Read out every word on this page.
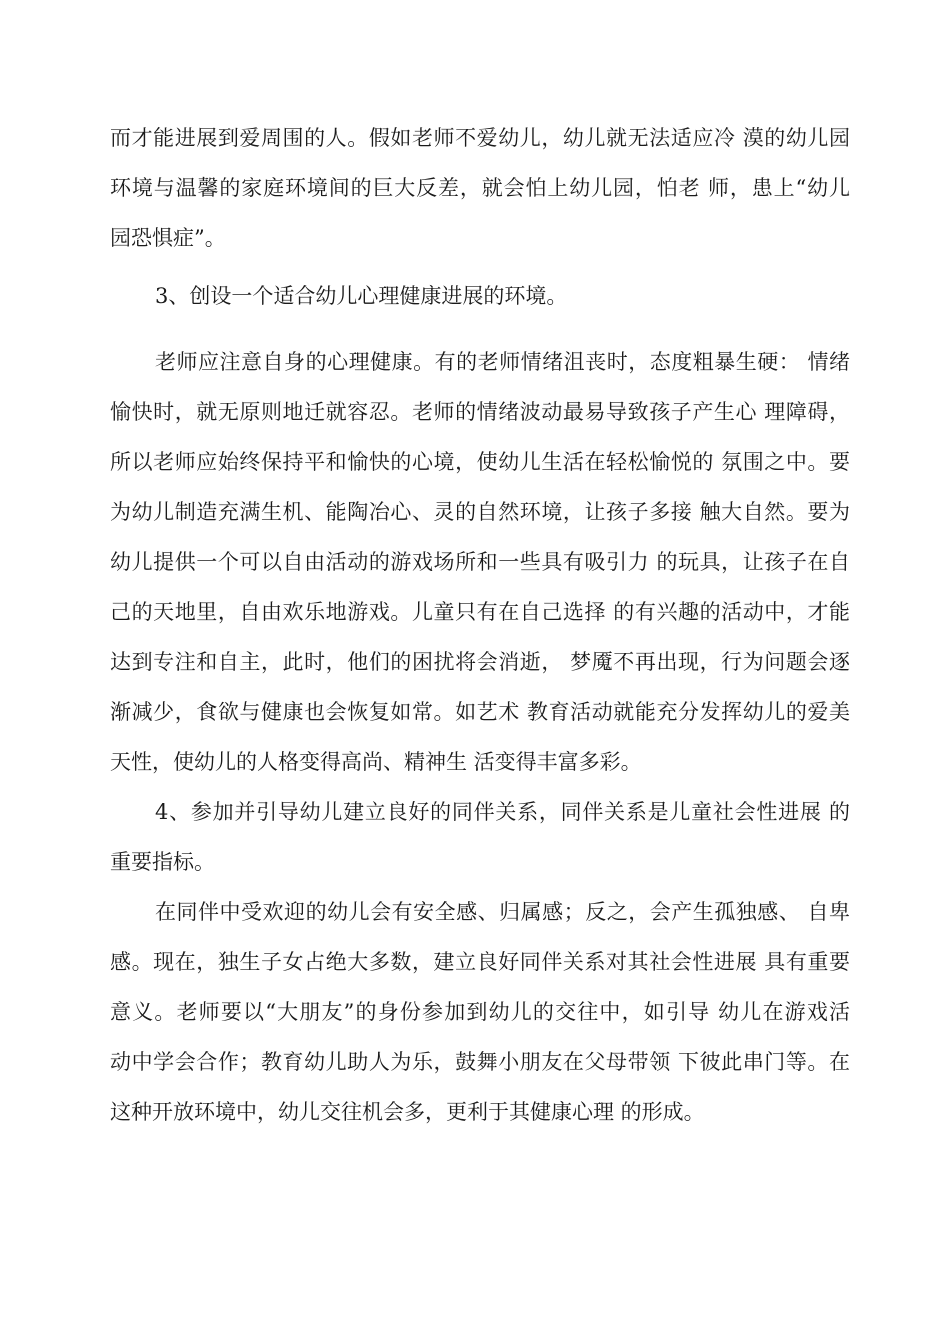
而才能进展到爱周围的人。假如老师不爱幼儿，幼儿就无法适应冷 漠的幼儿园
环境与温馨的家庭环境间的巨大反差，就会怕上幼儿园，怕老 师，患上“幼儿
园恐惧症”。
3、创设一个适合幼儿心理健康进展的环境。
老师应注意自身的心理健康。有的老师情绪沮丧时，态度粗暴生硬： 情绪
愉快时，就无原则地迁就容忍。老师的情绪波动最易导致孩子产生心 理障碍，
所以老师应始终保持平和愉快的心境，使幼儿生活在轻松愉悦的 氛围之中。要
为幼儿制造充满生机、能陶冶心、灵的自然环境，让孩子多接 触大自然。要为
幼儿提供一个可以自由活动的游戏场所和一些具有吸引力 的玩具，让孩子在自
己的天地里，自由欢乐地游戏。儿童只有在自己选择 的有兴趣的活动中，才能
达到专注和自主，此时，他们的困扰将会消逝， 梦魇不再出现，行为问题会逐
渐减少，食欲与健康也会恢复如常。如艺术 教育活动就能充分发挥幼儿的爱美
天性，使幼儿的人格变得高尚、精神生 活变得丰富多彩。
4、参加并引导幼儿建立良好的同伴关系，同伴关系是儿童社会性进展 的
重要指标。
在同伴中受欢迎的幼儿会有安全感、归属感；反之，会产生孤独感、 自卑
感。现在，独生子女占绝大多数，建立良好同伴关系对其社会性进展 具有重要
意义。老师要以“大朋友”的身份参加到幼儿的交往中，如引导 幼儿在游戏活
动中学会合作；教育幼儿助人为乐，鼓舞小朋友在父母带领 下彼此串门等。在
这种开放环境中，幼儿交往机会多，更利于其健康心理 的形成。
